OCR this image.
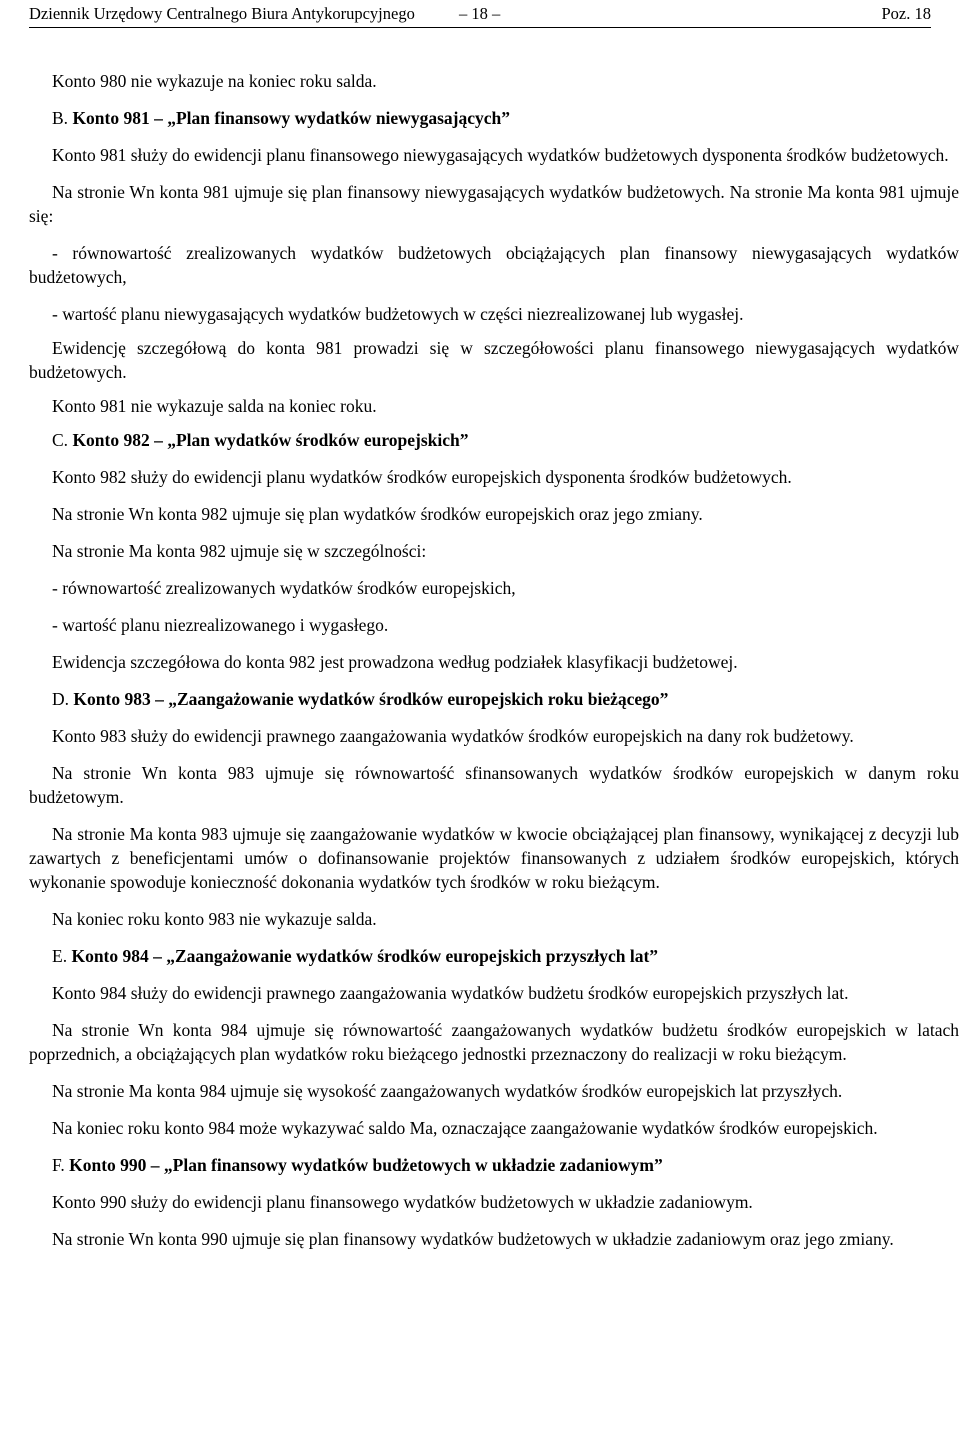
Dziennik Urzędowy Centralnego Biura Antykorupcyjnego	– 18 –	Poz. 18

Konto 980 nie wykazuje na koniec roku salda.

B. Konto 981 – „Plan finansowy wydatków niewygasających”

Konto 981 służy do ewidencji planu finansowego niewygasających wydatków budżetowych dysponenta środków budżetowych.

Na stronie Wn konta 981 ujmuje się plan finansowy niewygasających wydatków budżetowych. Na stronie Ma konta 981 ujmuje się:

- równowartość zrealizowanych wydatków budżetowych obciążających plan finansowy niewygasających wydatków budżetowych,

- wartość planu niewygasających wydatków budżetowych w części niezrealizowanej lub wygasłej.

Ewidencję szczegółową do konta 981 prowadzi się w szczegółowości planu finansowego niewygasających wydatków budżetowych.

Konto 981 nie wykazuje salda na koniec roku.

C. Konto 982 – „Plan wydatków środków europejskich”

Konto 982 służy do ewidencji planu wydatków środków europejskich dysponenta środków budżetowych.

Na stronie Wn konta 982 ujmuje się plan wydatków środków europejskich oraz jego zmiany.

Na stronie Ma konta 982 ujmuje się w szczególności:

- równowartość zrealizowanych wydatków środków europejskich,

- wartość planu niezrealizowanego i wygasłego.

Ewidencja szczegółowa do konta 982 jest prowadzona według podziałek klasyfikacji budżetowej.

D. Konto 983 – „Zaangażowanie wydatków środków europejskich roku bieżącego”

Konto 983 służy do ewidencji prawnego zaangażowania wydatków środków europejskich na dany rok budżetowy.

Na stronie Wn konta 983 ujmuje się równowartość sfinansowanych wydatków środków europejskich w danym roku budżetowym.

Na stronie Ma konta 983 ujmuje się zaangażowanie wydatków w kwocie obciążającej plan finansowy, wynikającej z decyzji lub zawartych z beneficjentami umów o dofinansowanie projektów finansowanych z udziałem środków europejskich, których wykonanie spowoduje konieczność dokonania wydatków tych środków w roku bieżącym.

Na koniec roku konto 983 nie wykazuje salda.

E. Konto 984 – „Zaangażowanie wydatków środków europejskich przyszłych lat”

Konto 984 służy do ewidencji prawnego zaangażowania wydatków budżetu środków europejskich przyszłych lat.

Na stronie Wn konta 984 ujmuje się równowartość zaangażowanych wydatków budżetu środków europejskich w latach poprzednich, a obciążających plan wydatków roku bieżącego jednostki przeznaczony do realizacji w roku bieżącym.

Na stronie Ma konta 984 ujmuje się wysokość zaangażowanych wydatków środków europejskich lat przyszłych.

Na koniec roku konto 984 może wykazywać saldo Ma, oznaczające zaangażowanie wydatków środków europejskich.

F. Konto 990 – „Plan finansowy wydatków budżetowych w układzie zadaniowym”

Konto 990 służy do ewidencji planu finansowego wydatków budżetowych w układzie zadaniowym.

Na stronie Wn konta 990 ujmuje się plan finansowy wydatków budżetowych w układzie zadaniowym oraz jego zmiany.
